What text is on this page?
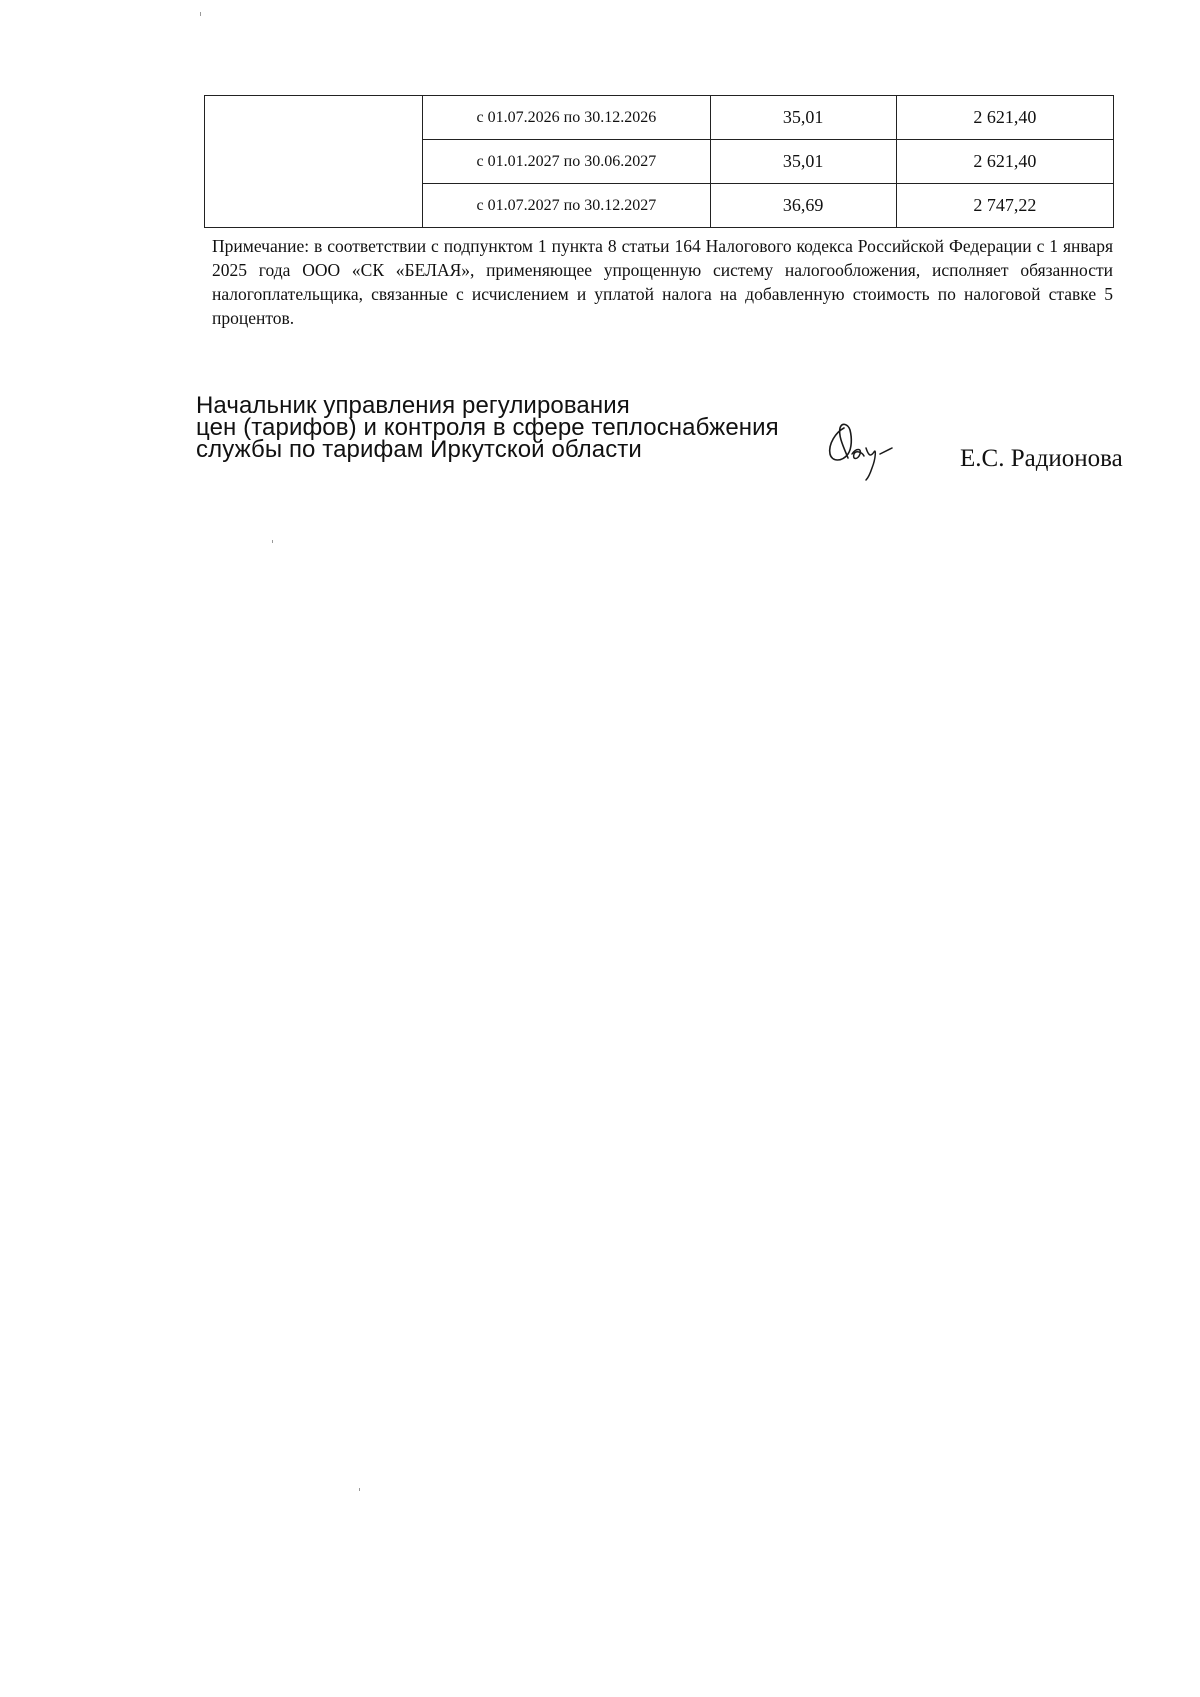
	с 01.07.2026 по 30.12.2026	35,01	2 621,40
	с 01.01.2027 по 30.06.2027	35,01	2 621,40
	с 01.07.2027 по 30.12.2027	36,69	2 747,22

Примечание: в соответствии с подпунктом 1 пункта 8 статьи 164 Налогового кодекса Российской Федерации с 1 января 2025 года ООО «СК «БЕЛАЯ», применяющее упрощенную систему налогообложения, исполняет обязанности налогоплательщика, связанные с исчислением и уплатой налога на добавленную стоимость по налоговой ставке 5 процентов.

Начальник управления регулирования
цен (тарифов) и контроля в сфере теплоснабжения
службы по тарифам Иркутской области	Е.С. Радионова
